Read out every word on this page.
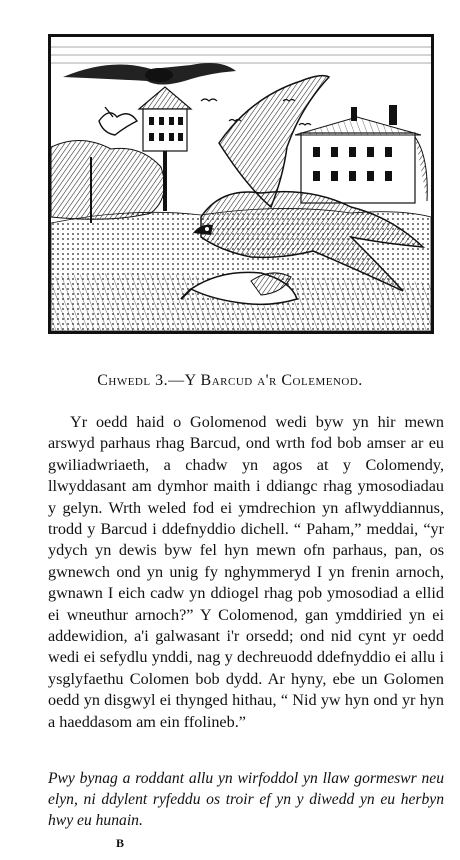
Chwedl 3.—Y Barcud a'r Colemenod.

Yr oedd haid o Golomenod wedi byw yn hir mewn arswyd parhaus rhag Barcud, ond wrth fod bob amser ar eu gwiliadwriaeth, a chadw yn agos at y Colomendy, llwyddasant am dymhor maith i ddiangc rhag ymosodiadau y gelyn. Wrth weled fod ei ymdrechion yn aflwyddiannus, trodd y Barcud i ddefnyddio dichell. “ Paham,” meddai, “yr ydych yn dewis byw fel hyn mewn ofn parhaus, pan, os gwnewch ond yn unig fy nghymmeryd I yn frenin arnoch, gwnawn I eich cadw yn ddiogel rhag pob ymosodiad a ellid ei wneuthur arnoch?” Y Colomenod, gan ymddiried yn ei addewidion, a'i galwasant i'r orsedd; ond nid cynt yr oedd wedi ei sefydlu ynddi, nag y dechreuodd ddefnyddio ei allu i ysglyfaethu Colomen bob dydd. Ar hyny, ebe un Golomen oedd yn disgwyl ei thynged hithau, “ Nid yw hyn ond yr hyn a haeddasom am ein ffolineb.”

Pwy bynag a roddant allu yn wirfoddol yn llaw gormeswr neu elyn, ni ddylent ryfeddu os troir ef yn y diwedd yn eu herbyn hwy eu hunain.

B
